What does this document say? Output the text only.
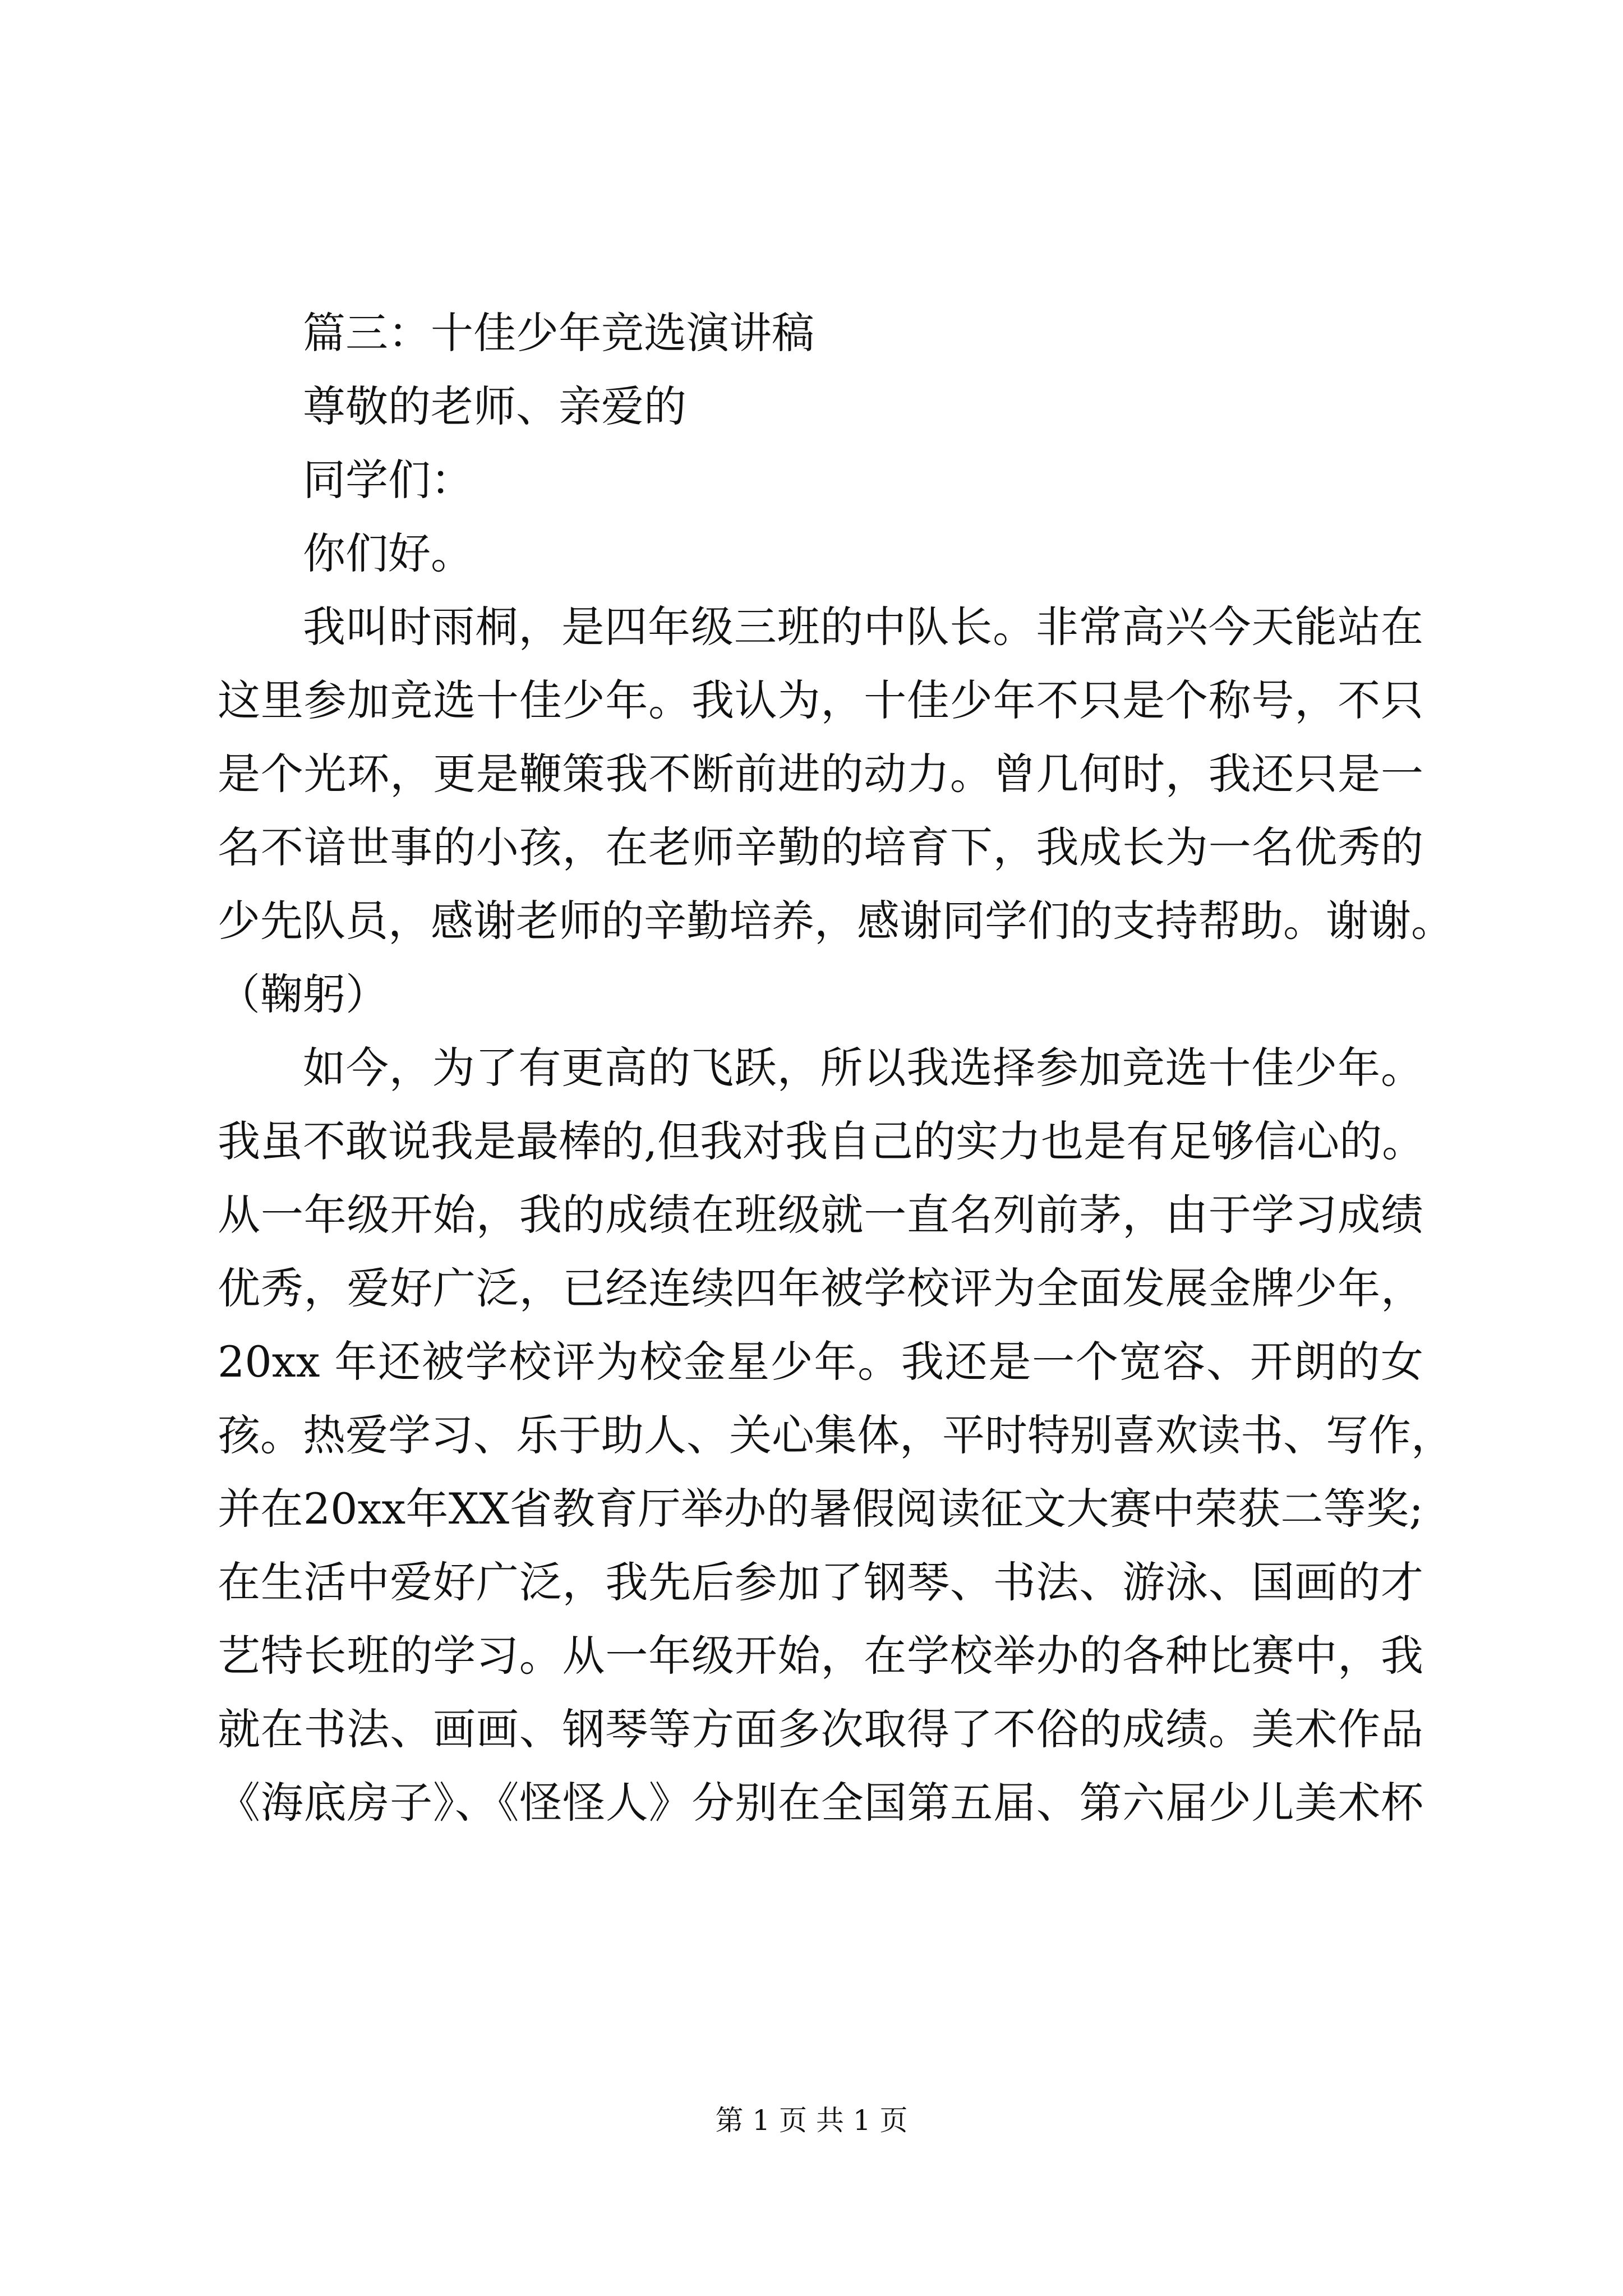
篇三：十佳少年竞选演讲稿
尊敬的老师、亲爱的
同学们：
你们好。
我叫时雨桐，是四年级三班的中队长。非常高兴今天能站在
这里参加竞选十佳少年。我认为，十佳少年不只是个称号，不只
是个光环，更是鞭策我不断前进的动力。曾几何时，我还只是一
名不谙世事的小孩，在老师辛勤的培育下，我成长为一名优秀的
少先队员，感谢老师的辛勤培养，感谢同学们的支持帮助。谢谢。
（鞠躬）
如今，为了有更高的飞跃，所以我选择参加竞选十佳少年。
我虽不敢说我是最棒的,但我对我自己的实力也是有足够信心的。
从一年级开始，我的成绩在班级就一直名列前茅，由于学习成绩
优秀，爱好广泛，已经连续四年被学校评为全面发展金牌少年，
20xx 年还被学校评为校金星少年。我还是一个宽容、开朗的女
孩。热爱学习、乐于助人、关心集体，平时特别喜欢读书、写作，
并在20xx年XX省教育厅举办的暑假阅读征文大赛中荣获二等奖;
在生活中爱好广泛，我先后参加了钢琴、书法、游泳、国画的才
艺特长班的学习。从一年级开始，在学校举办的各种比赛中，我
就在书法、画画、钢琴等方面多次取得了不俗的成绩。美术作品
《海底房子》、《怪怪人》分别在全国第五届、第六届少儿美术杯
第 1 页 共 1 页
